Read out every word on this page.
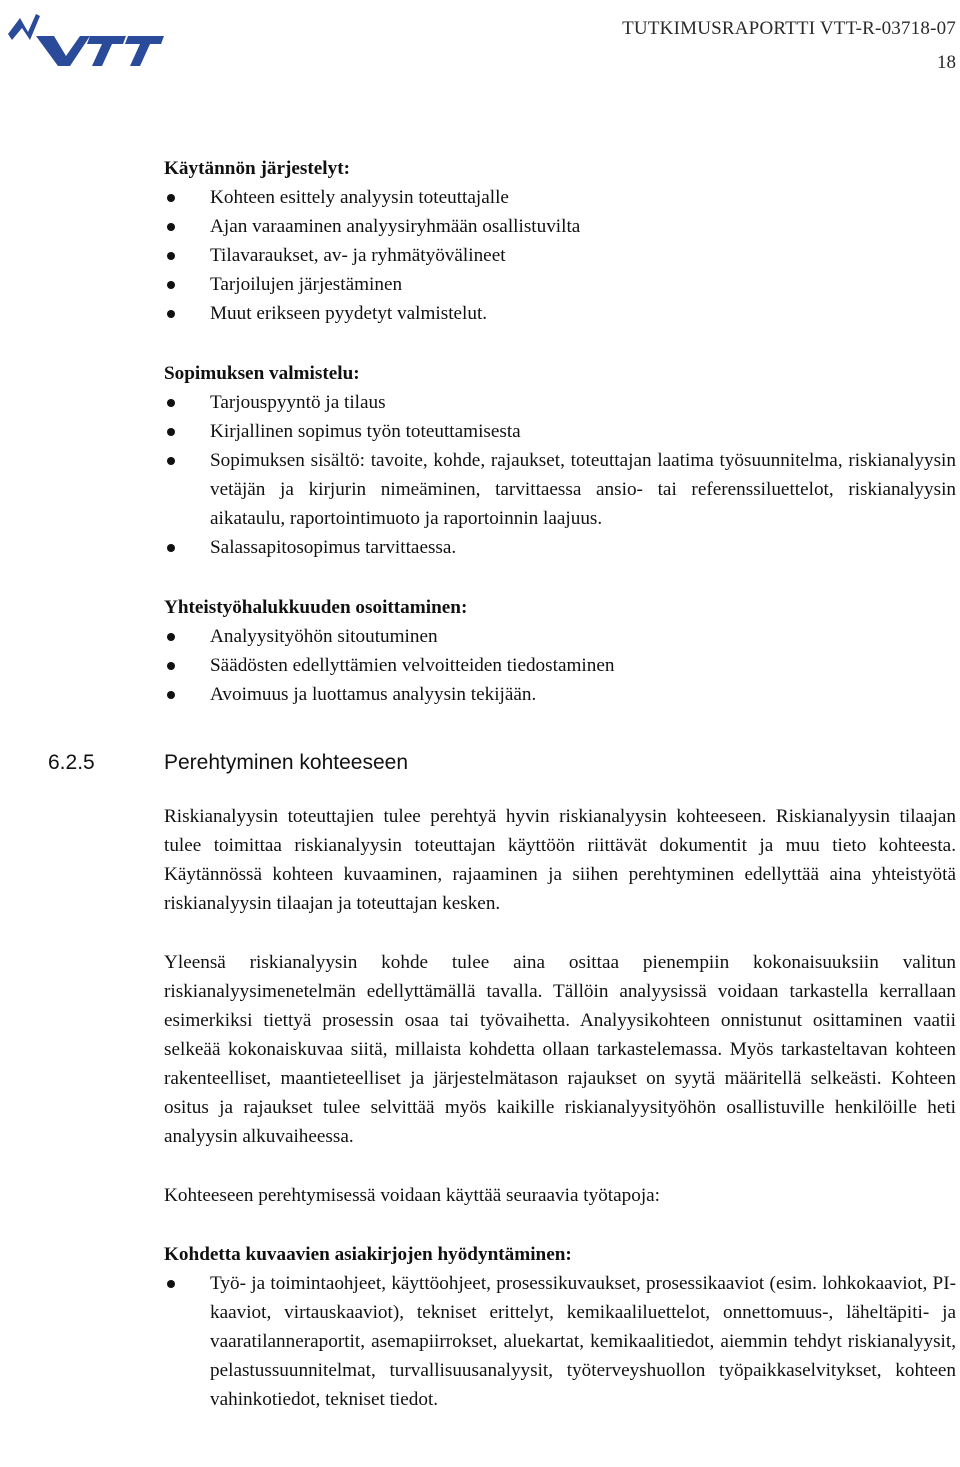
TUTKIMUSRAPORTTI VTT-R-03718-07
18

Käytännön järjestelyt:

Kohteen esittely analyysin toteuttajalle
Ajan varaaminen analyysiryhmään osallistuvilta
Tilavaraukset, av- ja ryhmätyövälineet
Tarjoilujen järjestäminen
Muut erikseen pyydetyt valmistelut.

Sopimuksen valmistelu:

Tarjouspyyntö ja tilaus
Kirjallinen sopimus työn toteuttamisesta
Sopimuksen sisältö: tavoite, kohde, rajaukset, toteuttajan laatima työsuunnitelma, riskianalyysin vetäjän ja kirjurin nimeäminen, tarvittaessa ansio- tai referenssiluettelot, riskianalyysin aikataulu, raportointimuoto ja raportoinnin laajuus.
Salassapitosopimus tarvittaessa.

Yhteistyöhalukkuuden osoittaminen:

Analyysityöhön sitoutuminen
Säädösten edellyttämien velvoitteiden tiedostaminen
Avoimuus ja luottamus analyysin tekijään.
6.2.5	Perehtyminen kohteeseen

Riskianalyysin toteuttajien tulee perehtyä hyvin riskianalyysin kohteeseen. Riskianalyysin tilaajan tulee toimittaa riskianalyysin toteuttajan käyttöön riittävät dokumentit ja muu tieto kohteesta. Käytännössä kohteen kuvaaminen, rajaaminen ja siihen perehtyminen edellyttää aina yhteistyötä riskianalyysin tilaajan ja toteuttajan kesken.

Yleensä riskianalyysin kohde tulee aina osittaa pienempiin kokonaisuuksiin valitun riskianalyysimenetelmän edellyttämällä tavalla. Tällöin analyysissä voidaan tarkastella kerrallaan esimerkiksi tiettyä prosessin osaa tai työvaihetta. Analyysikohteen onnistunut osittaminen vaatii selkeää kokonaiskuvaa siitä, millaista kohdetta ollaan tarkastelemassa. Myös tarkasteltavan kohteen rakenteelliset, maantieteelliset ja järjestelmätason rajaukset on syytä määritellä selkeästi. Kohteen ositus ja rajaukset tulee selvittää myös kaikille riskianalyysityöhön osallistuville henkilöille heti analyysin alkuvaiheessa.

Kohteeseen perehtymisessä voidaan käyttää seuraavia työtapoja:

Kohdetta kuvaavien asiakirjojen hyödyntäminen:

Työ- ja toimintaohjeet, käyttöohjeet, prosessikuvaukset, prosessikaaviot (esim. lohkokaaviot, PI-kaaviot, virtauskaaviot), tekniset erittelyt, kemikaaliluettelot, onnettomuus-, läheltäpiti- ja vaaratilanneraportit, asemapiirrokset, aluekartat, kemikaalitiedot, aiemmin tehdyt riskianalyysit, pelastussuunnitelmat, turvallisuusanalyysit, työterveyshuollon työpaikkaselvitykset, kohteen vahinkotiedot, tekniset tiedot.
